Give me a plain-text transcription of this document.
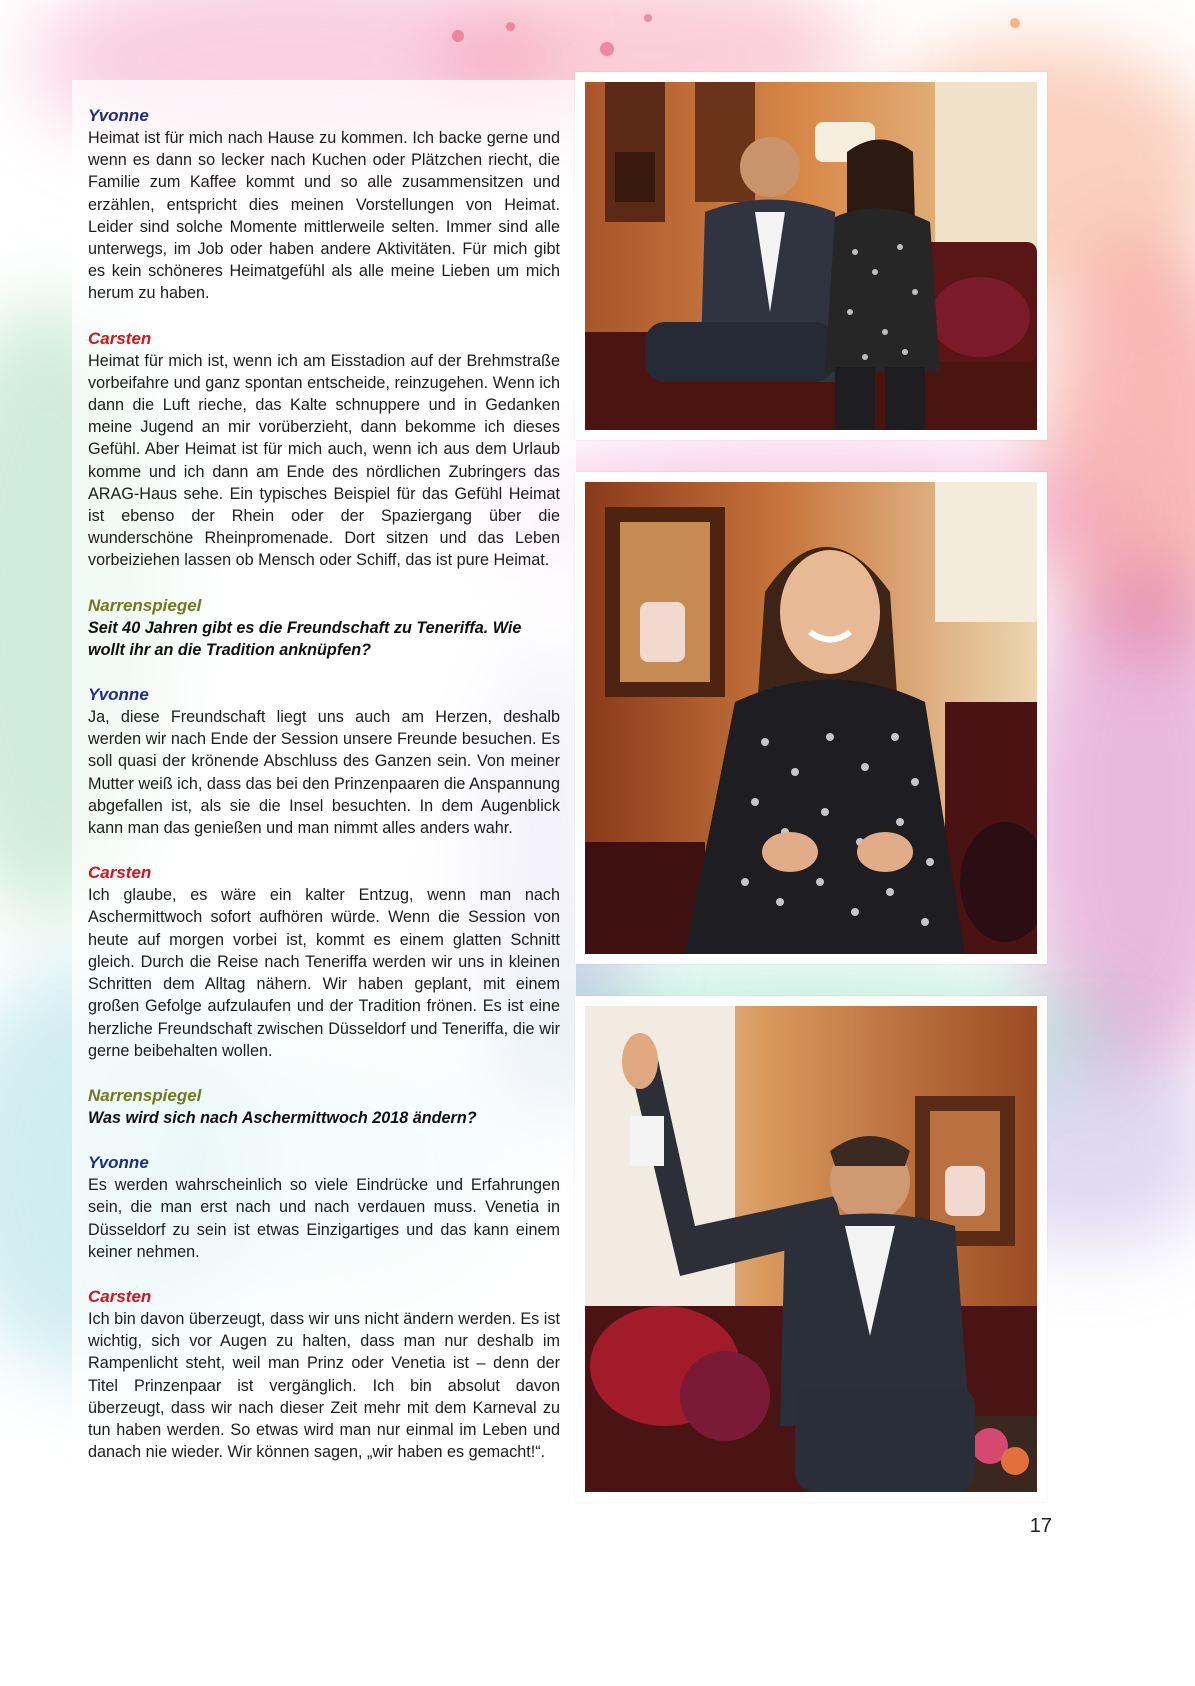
Yvonne

Heimat ist für mich nach Hause zu kommen. Ich backe gerne und wenn es dann so lecker nach Kuchen oder Plätzchen riecht, die Familie zum Kaffee kommt und so alle zusammensitzen und erzählen, entspricht dies meinen Vorstellungen von Heimat. Leider sind solche Momente mittlerweile selten. Immer sind alle unterwegs, im Job oder haben andere Aktivitäten. Für mich gibt es kein schöneres Heimatgefühl als alle meine Lieben um mich herum zu haben.

Carsten

Heimat für mich ist, wenn ich am Eisstadion auf der Brehmstraße vorbeifahre und ganz spontan entscheide, reinzugehen. Wenn ich dann die Luft rieche, das Kalte schnuppere und in Gedanken meine Jugend an mir vorüberzieht, dann bekomme ich dieses Gefühl. Aber Heimat ist für mich auch, wenn ich aus dem Urlaub komme und ich dann am Ende des nördlichen Zubringers das ARAG-Haus sehe. Ein typisches Beispiel für das Gefühl Heimat ist ebenso der Rhein oder der Spaziergang über die wunderschöne Rheinpromenade. Dort sitzen und das Leben vorbeiziehen lassen ob Mensch oder Schiff, das ist pure Heimat.

Narrenspiegel

Seit 40 Jahren gibt es die Freundschaft zu Teneriffa. Wie wollt ihr an die Tradition anknüpfen?

Yvonne

Ja, diese Freundschaft liegt uns auch am Herzen, deshalb werden wir nach Ende der Session unsere Freunde besuchen. Es soll quasi der krönende Abschluss des Ganzen sein. Von meiner Mutter weiß ich, dass das bei den Prinzenpaaren die Anspannung abgefallen ist, als sie die Insel besuchten. In dem Augenblick kann man das genießen und man nimmt alles anders wahr.

Carsten

Ich glaube, es wäre ein kalter Entzug, wenn man nach Aschermittwoch sofort aufhören würde. Wenn die Session von heute auf morgen vorbei ist, kommt es einem glatten Schnitt gleich. Durch die Reise nach Teneriffa werden wir uns in kleinen Schritten dem Alltag nähern. Wir haben geplant, mit einem großen Gefolge aufzulaufen und der Tradition frönen. Es ist eine herzliche Freundschaft zwischen Düsseldorf und Teneriffa, die wir gerne beibehalten wollen.

Narrenspiegel

Was wird sich nach Aschermittwoch 2018 ändern?

Yvonne

Es werden wahrscheinlich so viele Eindrücke und Erfahrungen sein, die man erst nach und nach verdauen muss. Venetia in Düsseldorf zu sein ist etwas Einzigartiges und das kann einem keiner nehmen.

Carsten

Ich bin davon überzeugt, dass wir uns nicht ändern werden. Es ist wichtig, sich vor Augen zu halten, dass man nur deshalb im Rampenlicht steht, weil man Prinz oder Venetia ist – denn der Titel Prinzenpaar ist vergänglich. Ich bin absolut davon überzeugt, dass wir nach dieser Zeit mehr mit dem Karneval zu tun haben werden. So etwas wird man nur einmal im Leben und danach nie wieder. Wir können sagen, „wir haben es gemacht!“.

17
